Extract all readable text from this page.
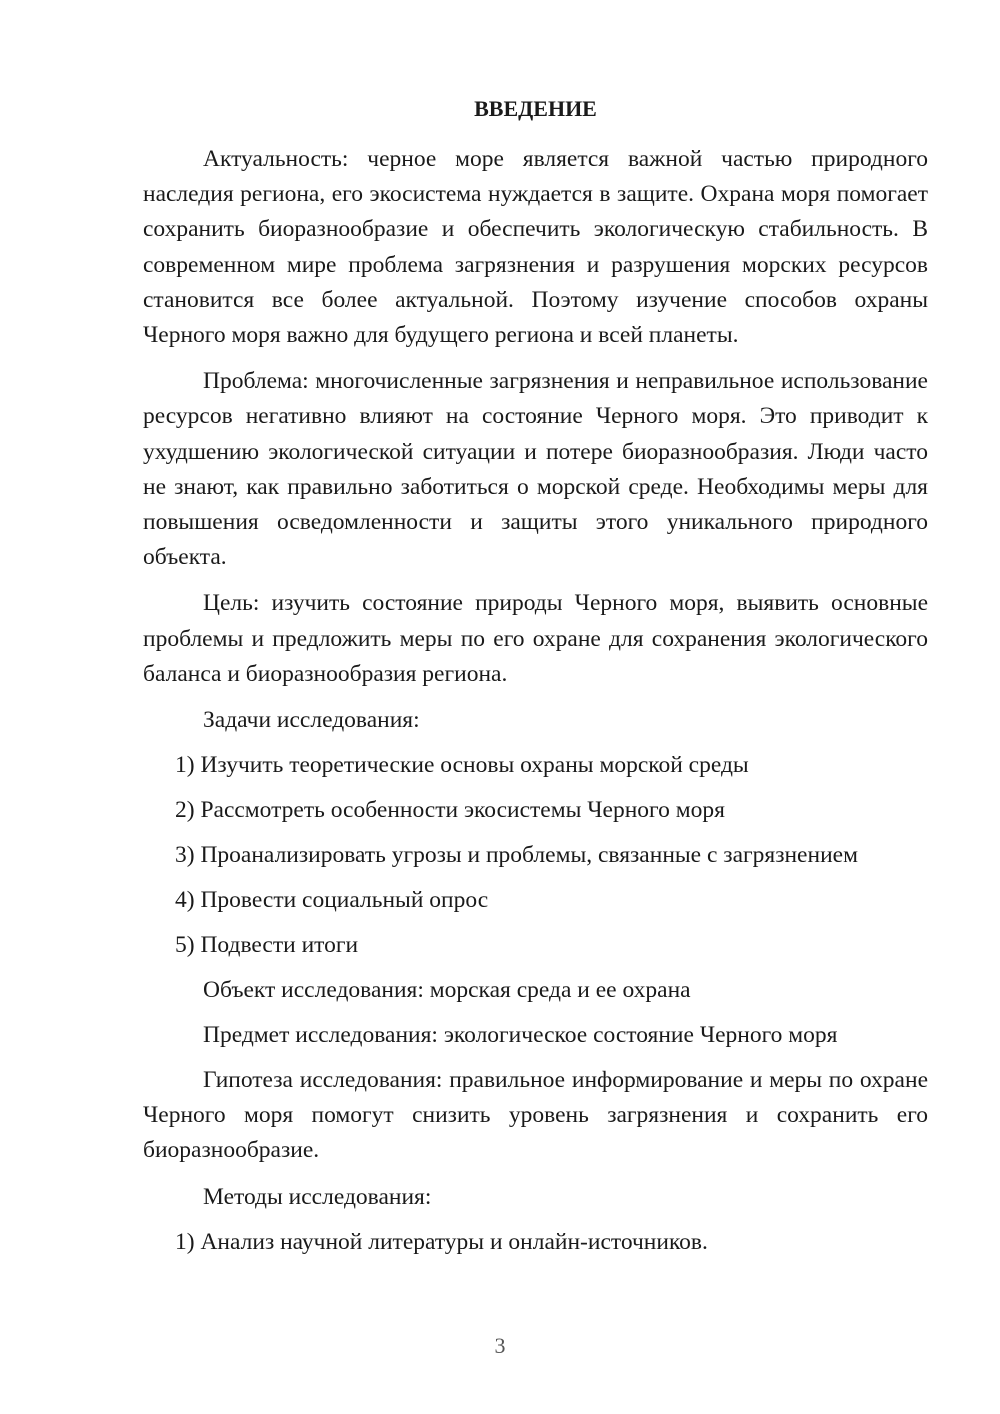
ВВЕДЕНИЕ
Актуальность: черное море является важной частью природного наследия региона, его экосистема нуждается в защите. Охрана моря помогает сохранить биоразнообразие и обеспечить экологическую стабильность. В современном мире проблема загрязнения и разрушения морских ресурсов становится все более актуальной. Поэтому изучение способов охраны Черного моря важно для будущего региона и всей планеты.
Проблема: многочисленные загрязнения и неправильное использование ресурсов негативно влияют на состояние Черного моря. Это приводит к ухудшению экологической ситуации и потере биоразнообразия. Люди часто не знают, как правильно заботиться о морской среде. Необходимы меры для повышения осведомленности и защиты этого уникального природного объекта.
Цель: изучить состояние природы Черного моря, выявить основные проблемы и предложить меры по его охране для сохранения экологического баланса и биоразнообразия региона.
Задачи исследования:
1) Изучить теоретические основы охраны морской среды
2) Рассмотреть особенности экосистемы Черного моря
3) Проанализировать угрозы и проблемы, связанные с загрязнением
4) Провести социальный опрос
5) Подвести итоги
Объект исследования: морская среда и ее охрана
Предмет исследования: экологическое состояние Черного моря
Гипотеза исследования: правильное информирование и меры по охране Черного моря помогут снизить уровень загрязнения и сохранить его биоразнообразие.
Методы исследования:
1) Анализ научной литературы и онлайн-источников.
3
